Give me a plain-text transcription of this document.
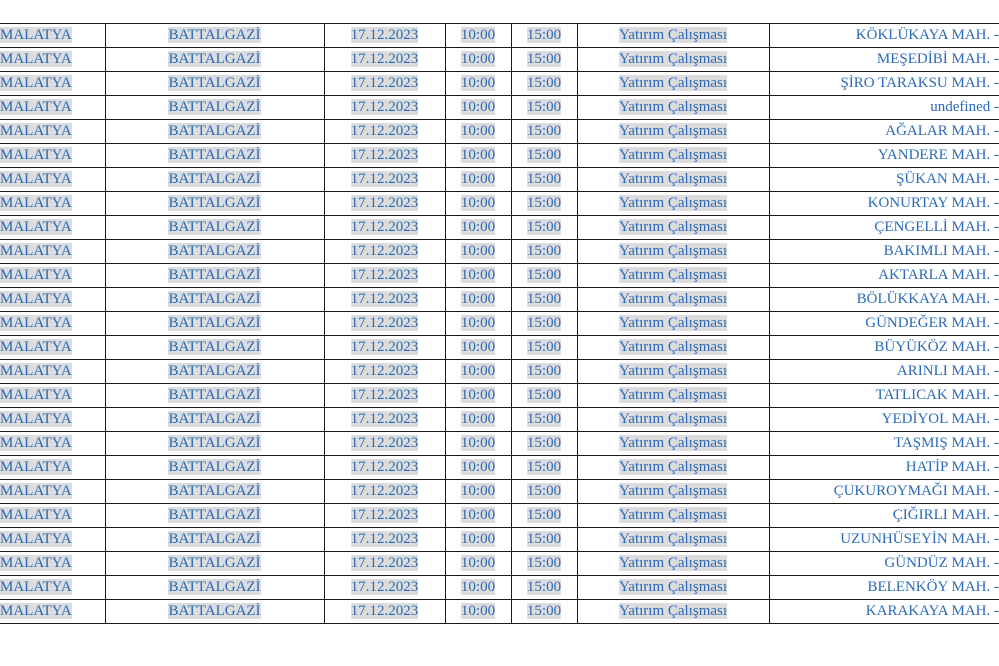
MALATYA	BATTALGAZİ	17.12.2023	10:00	15:00	Yatırım Çalışması	KÖKLÜKAYA MAH. -
MALATYA	BATTALGAZİ	17.12.2023	10:00	15:00	Yatırım Çalışması	MEŞEDİBİ MAH. -
MALATYA	BATTALGAZİ	17.12.2023	10:00	15:00	Yatırım Çalışması	ŞİRO TARAKSU MAH. -
MALATYA	BATTALGAZİ	17.12.2023	10:00	15:00	Yatırım Çalışması	undefined -
MALATYA	BATTALGAZİ	17.12.2023	10:00	15:00	Yatırım Çalışması	AĞALAR MAH. -
MALATYA	BATTALGAZİ	17.12.2023	10:00	15:00	Yatırım Çalışması	YANDERE MAH. -
MALATYA	BATTALGAZİ	17.12.2023	10:00	15:00	Yatırım Çalışması	ŞÜKAN MAH. -
MALATYA	BATTALGAZİ	17.12.2023	10:00	15:00	Yatırım Çalışması	KONURTAY MAH. -
MALATYA	BATTALGAZİ	17.12.2023	10:00	15:00	Yatırım Çalışması	ÇENGELLİ MAH. -
MALATYA	BATTALGAZİ	17.12.2023	10:00	15:00	Yatırım Çalışması	BAKIMLI MAH. -
MALATYA	BATTALGAZİ	17.12.2023	10:00	15:00	Yatırım Çalışması	AKTARLA MAH. -
MALATYA	BATTALGAZİ	17.12.2023	10:00	15:00	Yatırım Çalışması	BÖLÜKKAYA MAH. -
MALATYA	BATTALGAZİ	17.12.2023	10:00	15:00	Yatırım Çalışması	GÜNDEĞER MAH. -
MALATYA	BATTALGAZİ	17.12.2023	10:00	15:00	Yatırım Çalışması	BÜYÜKÖZ MAH. -
MALATYA	BATTALGAZİ	17.12.2023	10:00	15:00	Yatırım Çalışması	ARINLI MAH. -
MALATYA	BATTALGAZİ	17.12.2023	10:00	15:00	Yatırım Çalışması	TATLICAK MAH. -
MALATYA	BATTALGAZİ	17.12.2023	10:00	15:00	Yatırım Çalışması	YEDİYOL MAH. -
MALATYA	BATTALGAZİ	17.12.2023	10:00	15:00	Yatırım Çalışması	TAŞMIŞ MAH. -
MALATYA	BATTALGAZİ	17.12.2023	10:00	15:00	Yatırım Çalışması	HATİP MAH. -
MALATYA	BATTALGAZİ	17.12.2023	10:00	15:00	Yatırım Çalışması	ÇUKUROYMAĞI MAH. -
MALATYA	BATTALGAZİ	17.12.2023	10:00	15:00	Yatırım Çalışması	ÇIĞIRLI MAH. -
MALATYA	BATTALGAZİ	17.12.2023	10:00	15:00	Yatırım Çalışması	UZUNHÜSEYİN MAH. -
MALATYA	BATTALGAZİ	17.12.2023	10:00	15:00	Yatırım Çalışması	GÜNDÜZ MAH. -
MALATYA	BATTALGAZİ	17.12.2023	10:00	15:00	Yatırım Çalışması	BELENKÖY MAH. -
MALATYA	BATTALGAZİ	17.12.2023	10:00	15:00	Yatırım Çalışması	KARAKAYA MAH. -
